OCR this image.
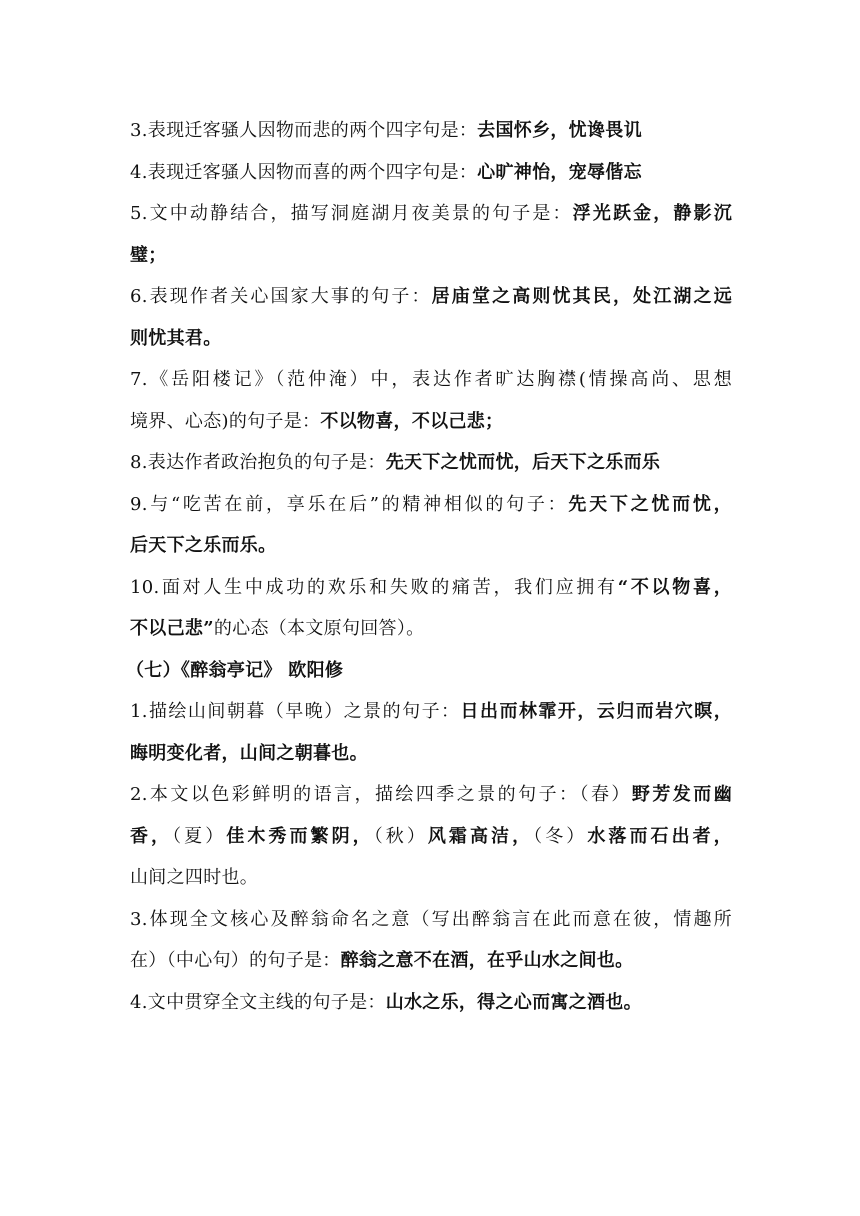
3.表现迁客骚人因物而悲的两个四字句是：去国怀乡，忧谗畏讥
4.表现迁客骚人因物而喜的两个四字句是：心旷神怡，宠辱偕忘
5.文中动静结合，描写洞庭湖月夜美景的句子是：浮光跃金，静影沉
璧；
6.表现作者关心国家大事的句子：居庙堂之高则忧其民，处江湖之远
则忧其君。
7.《岳阳楼记》（范仲淹）中，表达作者旷达胸襟(情操高尚、思想
境界、心态)的句子是：不以物喜，不以己悲；
8.表达作者政治抱负的句子是：先天下之忧而忧，后天下之乐而乐
9.与“吃苦在前，享乐在后”的精神相似的句子：先天下之忧而忧，
后天下之乐而乐。
10.面对人生中成功的欢乐和失败的痛苦，我们应拥有“不以物喜，
不以己悲”的心态（本文原句回答）。
（七）《醉翁亭记》 欧阳修
1.描绘山间朝暮（早晚）之景的句子：日出而林霏开，云归而岩穴暝，
晦明变化者，山间之朝暮也。
2.本文以色彩鲜明的语言，描绘四季之景的句子：（春）野芳发而幽
香，（夏）佳木秀而繁阴，（秋）风霜高洁，（冬）水落而石出者，
山间之四时也。
3.体现全文核心及醉翁命名之意（写出醉翁言在此而意在彼，情趣所
在）（中心句）的句子是：醉翁之意不在酒，在乎山水之间也。
4.文中贯穿全文主线的句子是：山水之乐，得之心而寓之酒也。
